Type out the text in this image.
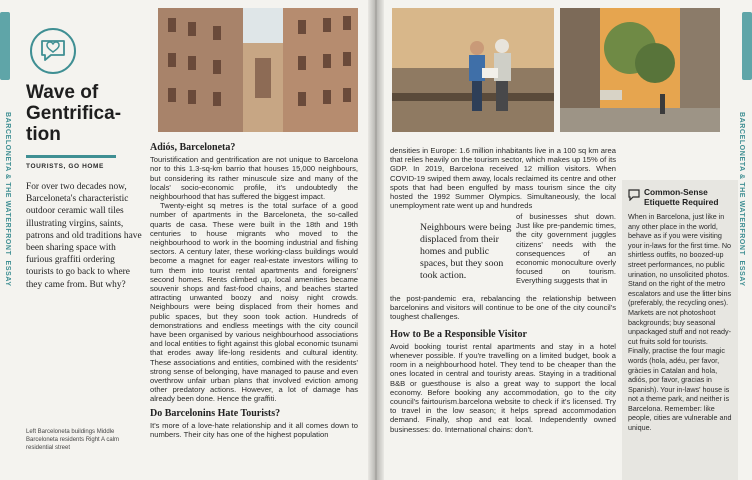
BARCELONETA & THE WATERFRONT  ESSAY
Wave of Gentrifica-tion
TOURISTS, GO HOME
For over two decades now, Barceloneta's characteristic outdoor ceramic wall tiles illustrating virgins, saints, patrons and old traditions have been sharing space with furious graffiti ordering tourists to go back to where they came from. But why?
Left Barceloneta buildings Middle Barceloneta residents Right A calm residential street
Adiós, Barceloneta?

Touristification and gentrification are not unique to Barcelona nor to this 1.3-sq-km barrio that houses 15,000 neighbours, but considering its rather minuscule size and many of the locals' socio-economic profile, it's undoubtedly the neighbourhood that has suffered the biggest impact.

Twenty-eight sq metres is the total surface of a good number of apartments in the Barceloneta, the so-called quarts de casa. These were built in the 18th and 19th centuries to house migrants who moved to the neighbourhood to work in the booming industrial and fishing sectors. A century later, these working-class buildings would become a magnet for eager real-estate investors willing to turn them into tourist rental apartments and foreigners' second homes. Rents climbed up, local amenities became souvenir shops and fast-food chains, and beaches started attracting unwanted boozy and noisy night crowds. Neighbours were being displaced from their homes and public spaces, but they soon took action. Hundreds of demonstrations and endless meetings with the city council have been organised by various neighbourhood associations and local entities to fight against this global economic tsunami that erodes away life-long residents and cultural identity. These associations and entities, combined with the residents' strong sense of belonging, have managed to pause and even overthrow unfair urban plans that involved eviction among other predatory actions. However, a lot of damage has already been done. Hence the graffiti.

Do Barcelonins Hate Tourists?

It's more of a love-hate relationship and it all comes down to numbers. Their city has one of the highest population

BARCELONETA & THE WATERFRONT  ESSAY

densities in Europe: 1.6 million inhabitants live in a 100 sq km area that relies heavily on the tourism sector, which makes up 15% of its GDP. In 2019, Barcelona received 12 million visitors. When COVID-19 swiped them away, locals reclaimed its centre and other spots that had been engulfed by mass tourism since the city hosted the 1992 Summer Olympics. Simultaneously, the local unemployment rate went up and hundreds

Neighbours were being displaced from their homes and public spaces, but they soon took action.

of businesses shut down. Just like pre-pandemic times, the city government juggles citizens' needs with the consequences of an economic monoculture overly focused on tourism. Everything suggests that in

the post-pandemic era, rebalancing the relationship between barcelonins and visitors will continue to be one of the city council's toughest challenges.

How to Be a Responsible Visitor

Avoid booking tourist rental apartments and stay in a hotel whenever possible. If you're travelling on a limited budget, book a room in a neighbourhood hotel. They tend to be cheaper than the ones located in central and touristy areas. Staying in a traditional B&B or guesthouse is also a great way to support the local economy. Before booking any accommodation, go to the city council's fairtourism.barcelona website to check if it's licensed. Try to travel in the low season; it helps spread accommodation demand. Finally, shop and eat local. Independently owned businesses: do. International chains: don't.

Common-Sense Etiquette Required
When in Barcelona, just like in any other place in the world, behave as if you were visiting your in-laws for the first time. No shirtless outfits, no boozed-up street performances, no public urination, no unsolicited photos. Stand on the right of the metro escalators and use the litter bins (preferably, the recycling ones). Markets are not photoshoot backgrounds; buy seasonal unpackaged stuff and not ready-cut fruits sold for tourists. Finally, practise the four magic words (hola, adéu, per favor, gràcies in Catalan and hola, adiós, por favor, gracias in Spanish). Your in-laws' house is not a theme park, and neither is Barcelona. Remember: like people, cities are vulnerable and unique.
